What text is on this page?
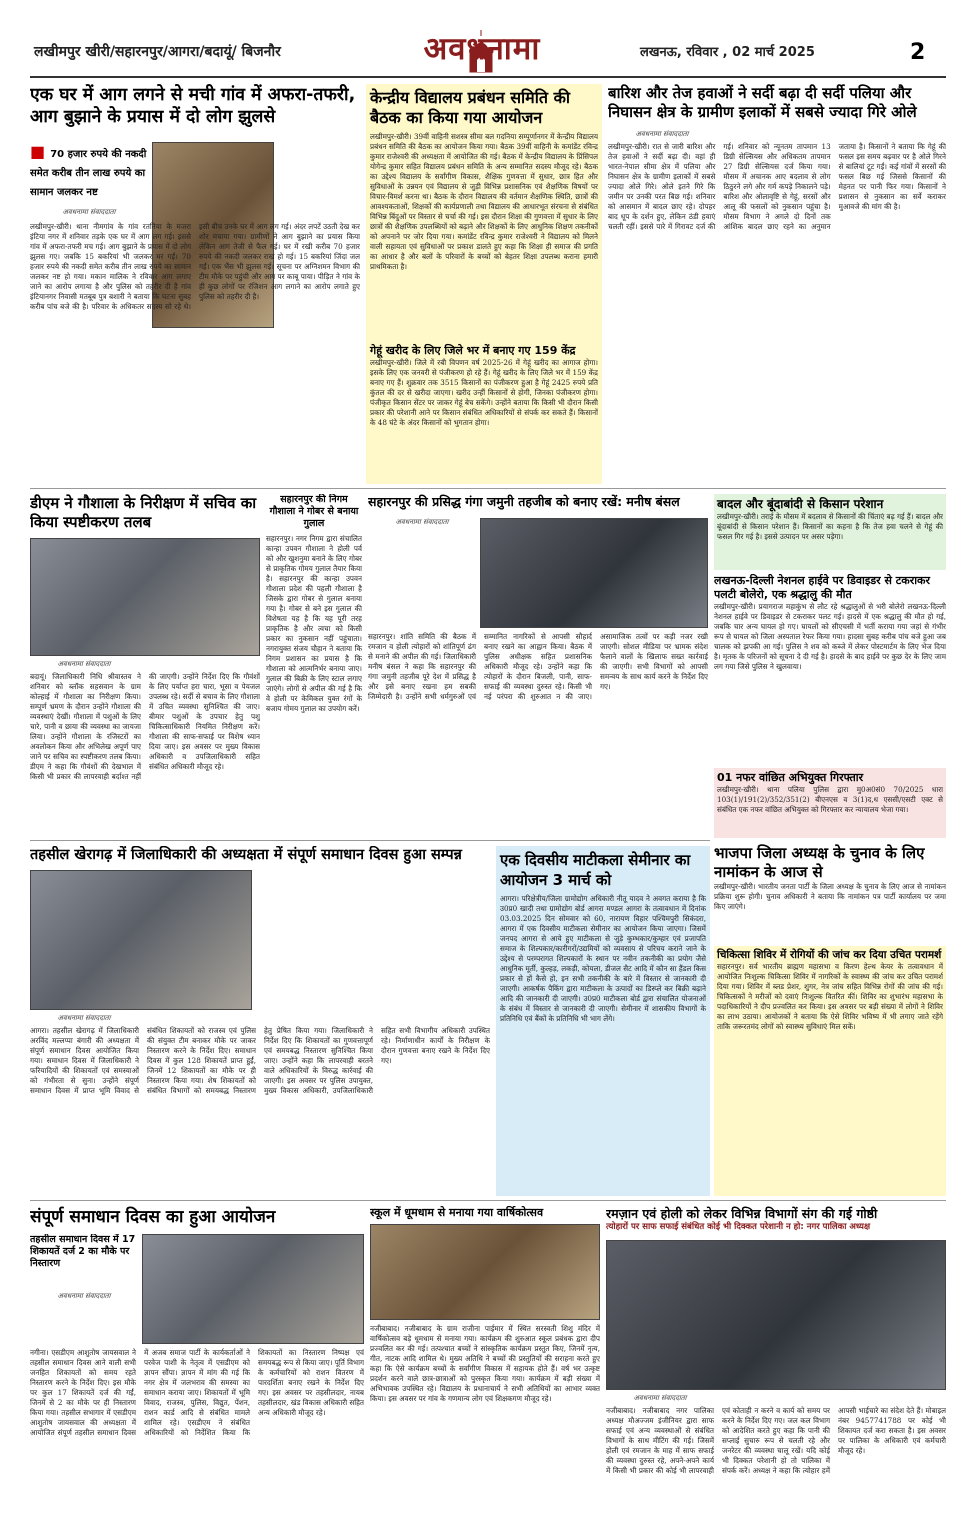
लखीमपुर खीरी/सहारनपुर/आगरा/बदायूं/ बिजनौर	अवधनामा	लखनऊ, रविवार , 02 मार्च 2025	2
एक घर में आग लगने से मची गांव में अफरा-तफरी, आग बुझाने के प्रयास में दो लोग झुलसे
■ 70 हजार रुपये की नकदी समेत करीब तीन लाख रुपये का सामान जलकर नष्ट
अवधनामा संवाददाता
लखीमपुर-खीरी। थाना नीमगांव के गांव रतनिया के मजरा इंटिया नगर में शनिवार तड़के एक घर में आग लग गई। इससे गांव में अफरा-तफरी मच गई। आग बुझाने के प्रयास में दो लोग झुलस गए। जबकि 15 बकरियां भी जलकर मर गईं। 70 हजार रुपये की नकदी समेत करीब तीन लाख रुपये का सामान जलकर नष्ट हो गया। मकान मालिक ने रविवार आग लगाए जाने का आरोप लगाया है और पुलिस को तहरीर दी है गांव इंटियानगर निवासी मतबूब पुत्र बशारी ने बताया कि घटना सुबह करीब पांच बजे की है। परिवार के अधिकतर सदस्य सो रहे थे। इसी बीच उनके घर में आग लग गई। अंदर लपटें उठती देख कर शोर मचाया गया। ग्रामीणों ने आग बुझाने का प्रयास किया लेकिन आग तेजी से फैल गई। घर में रखी करीब 70 हजार रुपये की नकदी जलकर राख हो गई। 15 बकरियां जिंदा जल गईं। एक भैंस भी झुलस गई। सूचना पर अग्निशमन विभाग की टीम मौके पर पहुंची और आग पर काबू पाया। पीड़ित ने गांव के ही कुछ लोगों पर रंजिशन आग लगाने का आरोप लगाते हुए पुलिस को तहरीर दी है।
केन्द्रीय विद्यालय प्रबंधन समिति की बैठक का किया गया आयोजन
लखीमपुर-खीरी। 39वीं वाहिनी सशस्त्र सीमा बल गदनिया सम्पूर्णानगर में केन्द्रीय विद्यालय प्रबंधन समिति की बैठक का आयोजन किया गया। बैठक 39वीं वाहिनी के कमांडेंट रविन्द्र कुमार राजेश्वरी की अध्यक्षता में आयोजित की गई। बैठक में केन्द्रीय विद्यालय के प्रिंसिपल योगेन्द्र कुमार सहित विद्यालय प्रबंधन समिति के अन्य सम्मानित सदस्य मौजूद रहे। बैठक का उद्देश्य विद्यालय के सर्वांगीण विकास, शैक्षिक गुणवत्ता में सुधार, छात्र हित और सुविधाओं के उन्नयन एवं विद्यालय से जुड़ी विभिन्न प्रशासनिक एवं शैक्षणिक विषयों पर विचार-विमर्श करना था। बैठक के दौरान विद्यालय की वर्तमान शैक्षणिक स्थिति, छात्रों की आवश्यकताओं, शिक्षकों की कार्यप्रणाली तथा विद्यालय की आधारभूत संरचना से संबंधित विभिन्न बिंदुओं पर विस्तार से चर्चा की गई। इस दौरान शिक्षा की गुणवत्ता में सुधार के लिए छात्रों की शैक्षणिक उपलब्धियों को बढ़ाने और शिक्षकों के लिए आधुनिक शिक्षण तकनीकों को अपनाने पर जोर दिया गया। कमांडेंट रविन्द्र कुमार राजेश्वरी ने विद्यालय को मिलने वाली सहायता एवं सुविधाओं पर प्रकाश डालते हुए कहा कि शिक्षा ही समाज की प्रगति का आधार है और बलों के परिवारों के बच्चों को बेहतर शिक्षा उपलब्ध कराना हमारी प्राथमिकता है।
गेहूं खरीद के लिए जिले भर में बनाए गए 159 केंद्र
लखीमपुर-खीरी। जिले में रबी विपणन वर्ष 2025-26 में गेहूं खरीद का आगाज होगा। इसके लिए एक जनवरी से पंजीकरण हो रहे हैं। गेहूं खरीद के लिए जिले भर में 159 केंद्र बनाए गए हैं। शुक्रवार तक 3515 किसानों का पंजीकरण हुआ है गेहूं 2425 रुपये प्रति कुंतल की दर से खरीदा जाएगा। खरीद उन्हीं किसानों से होगी, जिनका पंजीकरण होगा। पंजीकृत किसान सेंटर पर जाकर गेहूं बेच सकेंगे। उन्होंने बताया कि किसी भी दौरान किसी प्रकार की परेशानी आने पर किसान संबंधित अधिकारियों से संपर्क कर सकते हैं। किसानों के 48 घंटे के अंदर किसानों को भुगतान होगा।
बारिश और तेज हवाओं ने सर्दी बढ़ा दी सर्दी पलिया और निघासन क्षेत्र के ग्रामीण इलाकों में सबसे ज्यादा गिरे ओले
अवधनामा संवाददाता
लखीमपुर-खीरी। रात से जारी बारिश और तेज हवाओं ने सर्दी बढ़ा दी। वहां ही भारत-नेपाल सीमा क्षेत्र में पलिया और निघासन क्षेत्र के ग्रामीण इलाकों में सबसे ज्यादा ओले गिरे। ओले इतने गिरे कि जमीन पर उनकी परत बिछ गई। शनिवार को आसमान में बादल छाए रहे। दोपहर बाद धूप के दर्शन हुए, लेकिन ठंडी हवाएं चलती रहीं। इससे पारे में गिरावट दर्ज की गई। शनिवार को न्यूनतम तापमान 13 डिग्री सेल्सियस और अधिकतम तापमान 27 डिग्री सेल्सियस दर्ज किया गया। मौसम में अचानक आए बदलाव से लोग ठिठुरने लगे और गर्म कपड़े निकालने पड़े। बारिश और ओलावृष्टि से गेहूं, सरसों और आलू की फसलों को नुकसान पहुंचा है। मौसम विभाग ने अगले दो दिनों तक आंशिक बादल छाए रहने का अनुमान जताया है। किसानों ने बताया कि गेहूं की फसल इस समय बढ़वार पर है ओले गिरने से बालियां टूट गईं। कई गांवों में सरसों की फसल बिछ गई जिससे किसानों की मेहनत पर पानी फिर गया। किसानों ने प्रशासन से नुकसान का सर्वे कराकर मुआवजे की मांग की है।
डीएम ने गौशाला के निरीक्षण में सचिव का किया स्पष्टीकरण तलब
अवधनामा संवाददाता
बदायूं। जिलाधिकारी निधि श्रीवास्तव ने शनिवार को ब्लॉक सहसवान के ग्राम कोल्हाई में गौशाला का निरीक्षण किया। सम्पूर्ण भ्रमण के दौरान उन्होंने गौशाला की व्यवस्थाएं देखीं। गौशाला में पशुओं के लिए चारे, पानी व छाया की व्यवस्था का जायजा लिया। उन्होंने गौशाला के रजिस्टरों का अवलोकन किया और अभिलेख अपूर्ण पाए जाने पर सचिव का स्पष्टीकरण तलब किया। डीएम ने कहा कि गौवंशों की देखभाल में किसी भी प्रकार की लापरवाही बर्दाश्त नहीं की जाएगी। उन्होंने निर्देश दिए कि गौवंशों के लिए पर्याप्त हरा चारा, भूसा व पेयजल उपलब्ध रहे। सर्दी से बचाव के लिए गौशाला में उचित व्यवस्था सुनिश्चित की जाए। बीमार पशुओं के उपचार हेतु पशु चिकित्साधिकारी नियमित निरीक्षण करें। गौशाला की साफ-सफाई पर विशेष ध्यान दिया जाए। इस अवसर पर मुख्य विकास अधिकारी व उपजिलाधिकारी सहित संबंधित अधिकारी मौजूद रहे।
सहारनपुर की निगम गौशाला ने गोबर से बनाया गुलाल
सहारनपुर। नगर निगम द्वारा संचालित कान्हा उपवन गौशाला ने होली पर्व को और खुशनुमा बनाने के लिए गोबर से प्राकृतिक गोमय गुलाल तैयार किया है। सहारनपुर की कान्हा उपवन गौशाला प्रदेश की पहली गौशाला है जिसके द्वारा गोबर से गुलाल बनाया गया है। गोबर से बने इस गुलाल की विशेषता यह है कि यह पूरी तरह प्राकृतिक है और त्वचा को किसी प्रकार का नुकसान नहीं पहुंचाता। नगरायुक्त संजय चौहान ने बताया कि निगम प्रशासन का प्रयास है कि गौशाला को आत्मनिर्भर बनाया जाए। गुलाल की बिक्री के लिए स्टाल लगाए जाएंगे। लोगों से अपील की गई है कि वे होली पर केमिकल युक्त रंगों के बजाय गोमय गुलाल का उपयोग करें।
सहारनपुर की प्रसिद्ध गंगा जमुनी तहजीब को बनाए रखें: मनीष बंसल
अवधनामा संवाददाता
सहारनपुर। शांति समिति की बैठक में रमजान व होली त्योहारों को शांतिपूर्ण ढंग से मनाने की अपील की गई। जिलाधिकारी मनीष बंसल ने कहा कि सहारनपुर की गंगा जमुनी तहजीब पूरे देश में प्रसिद्ध है और इसे बनाए रखना हम सबकी जिम्मेदारी है। उन्होंने सभी धर्मगुरुओं एवं सम्मानित नागरिकों से आपसी सौहार्द बनाए रखने का आह्वान किया। बैठक में पुलिस अधीक्षक सहित प्रशासनिक अधिकारी मौजूद रहे। उन्होंने कहा कि त्योहारों के दौरान बिजली, पानी, साफ-सफाई की व्यवस्था दुरुस्त रहे। किसी भी नई परंपरा की शुरुआत न की जाए। असामाजिक तत्वों पर कड़ी नजर रखी जाएगी। सोशल मीडिया पर भ्रामक संदेश फैलाने वालों के खिलाफ सख्त कार्रवाई की जाएगी। सभी विभागों को आपसी समन्वय के साथ कार्य करने के निर्देश दिए गए।
बादल और बूंदाबांदी से किसान परेशान
लखीमपुर-खीरी। तराई के मौसम में बदलाव से किसानों की चिंताएं बढ़ गई हैं। बादल और बूंदाबांदी से किसान परेशान हैं। किसानों का कहना है कि तेज हवा चलने से गेहूं की फसल गिर गई है। इससे उत्पादन पर असर पड़ेगा।
लखनऊ-दिल्ली नेशनल हाईवे पर डिवाइडर से टकराकर पलटी बोलेरो, एक श्रद्धालु की मौत
लखीमपुर-खीरी। प्रयागराज महाकुंभ से लौट रहे श्रद्धालुओं से भरी बोलेरो लखनऊ-दिल्ली नेशनल हाईवे पर डिवाइडर से टकराकर पलट गई। हादसे में एक श्रद्धालु की मौत हो गई, जबकि चार अन्य घायल हो गए। घायलों को सीएचसी में भर्ती कराया गया जहां से गंभीर रूप से घायल को जिला अस्पताल रेफर किया गया। हादसा सुबह करीब पांच बजे हुआ जब चालक को झपकी आ गई। पुलिस ने शव को कब्जे में लेकर पोस्टमार्टम के लिए भेज दिया है। मृतक के परिजनों को सूचना दे दी गई है। हादसे के बाद हाईवे पर कुछ देर के लिए जाम लग गया जिसे पुलिस ने खुलवाया।
01 नफर वांछित अभियुक्त गिरफ्तार
लखीमपुर-खीरी। थाना पलिया पुलिस द्वारा मु0अ0सं0 70/2025 धारा 103(1)/191(2)/352/351(2) बीएनएस व 3(1)द,ध एससी/एसटी एक्ट से संबंधित एक नफर वांछित अभियुक्त को गिरफ्तार कर न्यायालय भेजा गया।
तहसील खेरागढ़ में जिलाधिकारी की अध्यक्षता में संपूर्ण समाधान दिवस हुआ सम्पन्न
अवधनामा संवाददाता
आगरा। तहसील खेरागढ़ में जिलाधिकारी अरविंद मल्लप्पा बंगारी की अध्यक्षता में संपूर्ण समाधान दिवस आयोजित किया गया। समाधान दिवस में जिलाधिकारी ने फरियादियों की शिकायतों एवं समस्याओं को गंभीरता से सुना। उन्होंने संपूर्ण समाधान दिवस में प्राप्त भूमि विवाद से संबंधित शिकायतों को राजस्व एवं पुलिस की संयुक्त टीम बनाकर मौके पर जाकर निस्तारण करने के निर्देश दिए। समाधान दिवस में कुल 128 शिकायतें प्राप्त हुईं, जिनमें 12 शिकायतों का मौके पर ही निस्तारण किया गया। शेष शिकायतों को संबंधित विभागों को समयबद्ध निस्तारण हेतु प्रेषित किया गया। जिलाधिकारी ने निर्देश दिए कि शिकायतों का गुणवत्तापूर्ण एवं समयबद्ध निस्तारण सुनिश्चित किया जाए। उन्होंने कहा कि लापरवाही बरतने वाले अधिकारियों के विरुद्ध कार्रवाई की जाएगी। इस अवसर पर पुलिस उपायुक्त, मुख्य विकास अधिकारी, उपजिलाधिकारी सहित सभी विभागीय अधिकारी उपस्थित रहे। निर्माणाधीन कार्यों के निरीक्षण के दौरान गुणवत्ता बनाए रखने के निर्देश दिए गए।
एक दिवसीय माटीकला सेमीनार का आयोजन 3 मार्च को
आगरा। परिक्षेत्रीय/जिला ग्रामोद्योग अधिकारी नीतू यादव ने अवगत कराया है कि उ0प्र0 खादी तथा ग्रामोद्योग बोर्ड आगरा मण्डल आगरा के तत्वावधान में दिनांक 03.03.2025 दिन सोमवार को 60, नारायण विहार पश्चिमपुरी सिकंदरा, आगरा में एक दिवसीय माटीकला सेमीनार का आयोजन किया जाएगा। जिसमें जनपद आगरा से आये हुए माटीकला से जुड़े कुम्भकार/कुम्हार एवं प्रजापति समाज के शिल्पकार/कारीगरों/उद्यमियों को व्यवसाय से परिचय कराने जाने के उद्देश्य से परम्परागत शिल्पकारों के स्थान पर नवीन तकनीकी का प्रयोग जैसे आधुनिक मूर्ती, कुल्हड़, लकड़ी, कोयला, डीजल सैट आदि में कौन सा हैंडल किस प्रकार से हों कैसे हो, इन सभी तकनीकी के बारे में विस्तार से जानकारी दी जाएगी। आकर्षक पैकिंग द्वारा माटीकला के उत्पादों का डिस्प्ले कर बिक्री बढ़ाने आदि की जानकारी दी जाएगी। उ0प्र0 माटीकला बोर्ड द्वारा संचालित योजनाओं के संबंध में विस्तार से जानकारी दी जाएगी। सेमीनार में शासकीय विभागों के प्रतिनिधि एवं बैंकों के प्रतिनिधि भी भाग लेंगे।
भाजपा जिला अध्यक्ष के चुनाव के लिए नामांकन के आज से
लखीमपुर-खीरी। भारतीय जनता पार्टी के जिला अध्यक्ष के चुनाव के लिए आज से नामांकन प्रक्रिया शुरू होगी। चुनाव अधिकारी ने बताया कि नामांकन पत्र पार्टी कार्यालय पर जमा किए जाएंगे।
चिकित्सा शिविर में रोगियों की जांच कर दिया उचित परामर्श
सहारनपुर। सर्व भारतीय ब्राह्मण महासभा व किरण हेल्थ केयर के तत्वावधान में आयोजित निःशुल्क चिकित्सा शिविर में नागरिकों के स्वास्थ्य की जांच कर उचित परामर्श दिया गया। शिविर में ब्लड प्रेशर, शुगर, नेत्र जांच सहित विभिन्न रोगों की जांच की गई। चिकित्सकों ने मरीजों को दवाएं निःशुल्क वितरित कीं। शिविर का शुभारंभ महासभा के पदाधिकारियों ने दीप प्रज्वलित कर किया। इस अवसर पर बड़ी संख्या में लोगों ने शिविर का लाभ उठाया। आयोजकों ने बताया कि ऐसे शिविर भविष्य में भी लगाए जाते रहेंगे ताकि जरूरतमंद लोगों को स्वास्थ्य सुविधाएं मिल सकें।
संपूर्ण समाधान दिवस का हुआ आयोजन
तहसील समाधान दिवस में 17 शिकायतें दर्ज 2 का मौके पर निस्तारण
अवधनामा संवाददाता
नगीना। एसडीएम आशुतोष जायसवाल ने तहसील समाधान दिवस आने वाली सभी जनहित शिकायतों को समय रहते निस्तारण करने के निर्देश दिए। इस मौके पर कुल 17 शिकायतें दर्ज की गईं, जिनमें से 2 का मौके पर ही निस्तारण किया गया। तहसील सभागार में एसडीएम आशुतोष जायसवाल की अध्यक्षता में आयोजित संपूर्ण तहसील समाधान दिवस में अजब समाज पार्टी के कार्यकर्ताओं ने परवेज पाशी के नेतृत्व में एसडीएम को ज्ञापन सौंपा। ज्ञापन में मांग की गई कि नगर क्षेत्र में जलभराव की समस्या का समाधान कराया जाए। शिकायतों में भूमि विवाद, राजस्व, पुलिस, विद्युत, पेंशन, राशन कार्ड आदि से संबंधित मामले शामिल रहे। एसडीएम ने संबंधित अधिकारियों को निर्देशित किया कि शिकायतों का निस्तारण निष्पक्ष एवं समयबद्ध रूप से किया जाए। पूर्ति विभाग के कर्मचारियों को राशन वितरण में पारदर्शिता बनाए रखने के निर्देश दिए गए। इस अवसर पर तहसीलदार, नायब तहसीलदार, खंड विकास अधिकारी सहित अन्य अधिकारी मौजूद रहे।
स्कूल में धूमधाम से मनाया गया वार्षिकोत्सव
नजीबाबाद। नजीबाबाद के ग्राम राजीना पाईमार में स्थित सरस्वती शिशु मंदिर में वार्षिकोत्सव बड़े धूमधाम से मनाया गया। कार्यक्रम की शुरुआत स्कूल प्रबंधक द्वारा दीप प्रज्वलित कर की गई। तत्पश्चात बच्चों ने सांस्कृतिक कार्यक्रम प्रस्तुत किए, जिनमें नृत्य, गीत, नाटक आदि शामिल थे। मुख्य अतिथि ने बच्चों की प्रस्तुतियों की सराहना करते हुए कहा कि ऐसे कार्यक्रम बच्चों के सर्वांगीण विकास में सहायक होते हैं। वर्ष भर उत्कृष्ट प्रदर्शन करने वाले छात्र-छात्राओं को पुरस्कृत किया गया। कार्यक्रम में बड़ी संख्या में अभिभावक उपस्थित रहे। विद्यालय के प्रधानाचार्य ने सभी अतिथियों का आभार व्यक्त किया। इस अवसर पर गांव के गणमान्य लोग एवं शिक्षकगण मौजूद रहे।
रमज़ान एवं होली को लेकर विभिन्न विभागों संग की गई गोष्ठी
त्योहारों पर साफ सफाई संबंधित कोई भी दिक्कत परेशानी न हो: नगर पालिका अध्यक्ष
अवधनामा संवाददाता
नजीबाबाद। नजीबाबाद नगर पालिका अध्यक्ष मौअज्जम इंजीनियर द्वारा साफ सफाई एवं अन्य व्यवस्थाओं से संबंधित विभागों के साथ मीटिंग की गई। जिसमें होली एवं रमजान के माह में साफ सफाई की व्यवस्था दुरुस्त रहे, अपने-अपने कार्य में किसी भी प्रकार की कोई भी लापरवाही एवं कोताही न करने व कार्य को समय पर करने के निर्देश दिए गए। जल कल विभाग को आदेशित करते हुए कहा कि पानी की सप्लाई सुचारु रूप से चलती रहे और जनरेटर की व्यवस्था चालू रखें। यदि कोई भी दिक्कत परेशानी हो तो पालिका में संपर्क करें। अध्यक्ष ने कहा कि त्योहार हमें आपसी भाईचारे का संदेश देते हैं। मोबाइल नंबर 9457741788 पर कोई भी शिकायत दर्ज करा सकता है। इस अवसर पर पालिका के अधिकारी एवं कर्मचारी मौजूद रहे।
